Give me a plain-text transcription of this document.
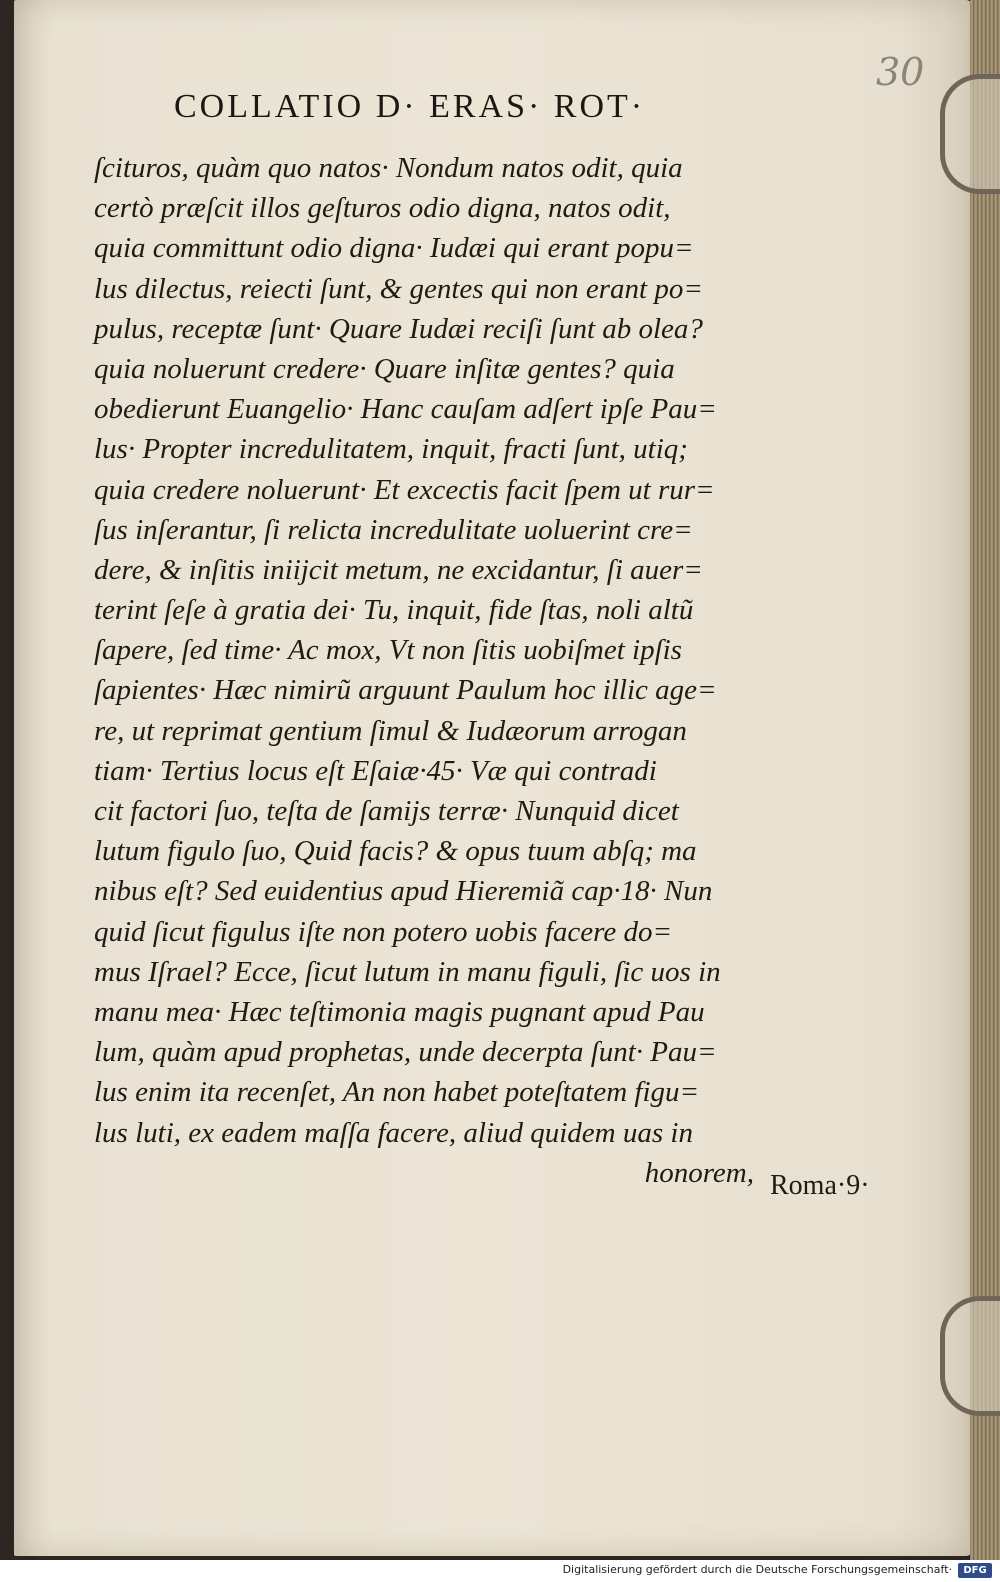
30
COLLATIO D· ERAS· ROT·
ſcituros, quàm quo natos· Nondum natos odit, quia
certò præſcit illos geſturos odio digna, natos odit,
quia committunt odio digna· Iudæi qui erant popu=
lus dilectus, reiecti ſunt, & gentes qui non erant po=
pulus, receptæ ſunt· Quare Iudæi reciſi ſunt ab olea?
quia noluerunt credere· Quare inſitæ gentes? quia
obedierunt Euangelio· Hanc cauſam adſert ipſe Pau=
lus· Propter incredulitatem, inquit, fracti ſunt, utiq;
quia credere noluerunt· Et excectis facit ſpem ut rur=
ſus inſerantur, ſi relicta incredulitate uoluerint cre=
dere, & inſitis iniijcit metum, ne excidantur, ſi auer=
terint ſeſe à gratia dei· Tu, inquit, fide ſtas, noli altũ
ſapere, ſed time· Ac mox, Vt non ſitis uobiſmet ipſis
ſapientes· Hæc nimirũ arguunt Paulum hoc illic age=
re, ut reprimat gentium ſimul & Iudæorum arrogan
tiam· Tertius locus eſt Eſaiæ·45· Væ qui contradi
cit factori ſuo, teſta de ſamijs terræ· Nunquid dicet
lutum figulo ſuo, Quid facis? & opus tuum abſq; ma
nibus eſt? Sed euidentius apud Hieremiã cap·18· Nun
quid ſicut figulus iſte non potero uobis facere do=
mus Iſrael? Ecce, ſicut lutum in manu figuli, ſic uos in
manu mea· Hæc teſtimonia magis pugnant apud Pau
lum, quàm apud prophetas, unde decerpta ſunt· Pau=
lus enim ita recenſet, An non habet poteſtatem figu=
lus luti, ex eadem maſſa facere, aliud quidem uas in
honorem, Roma·9·
Digitalisierung gefördert durch die Deutsche Forschungsgemeinschaft·	DFG
